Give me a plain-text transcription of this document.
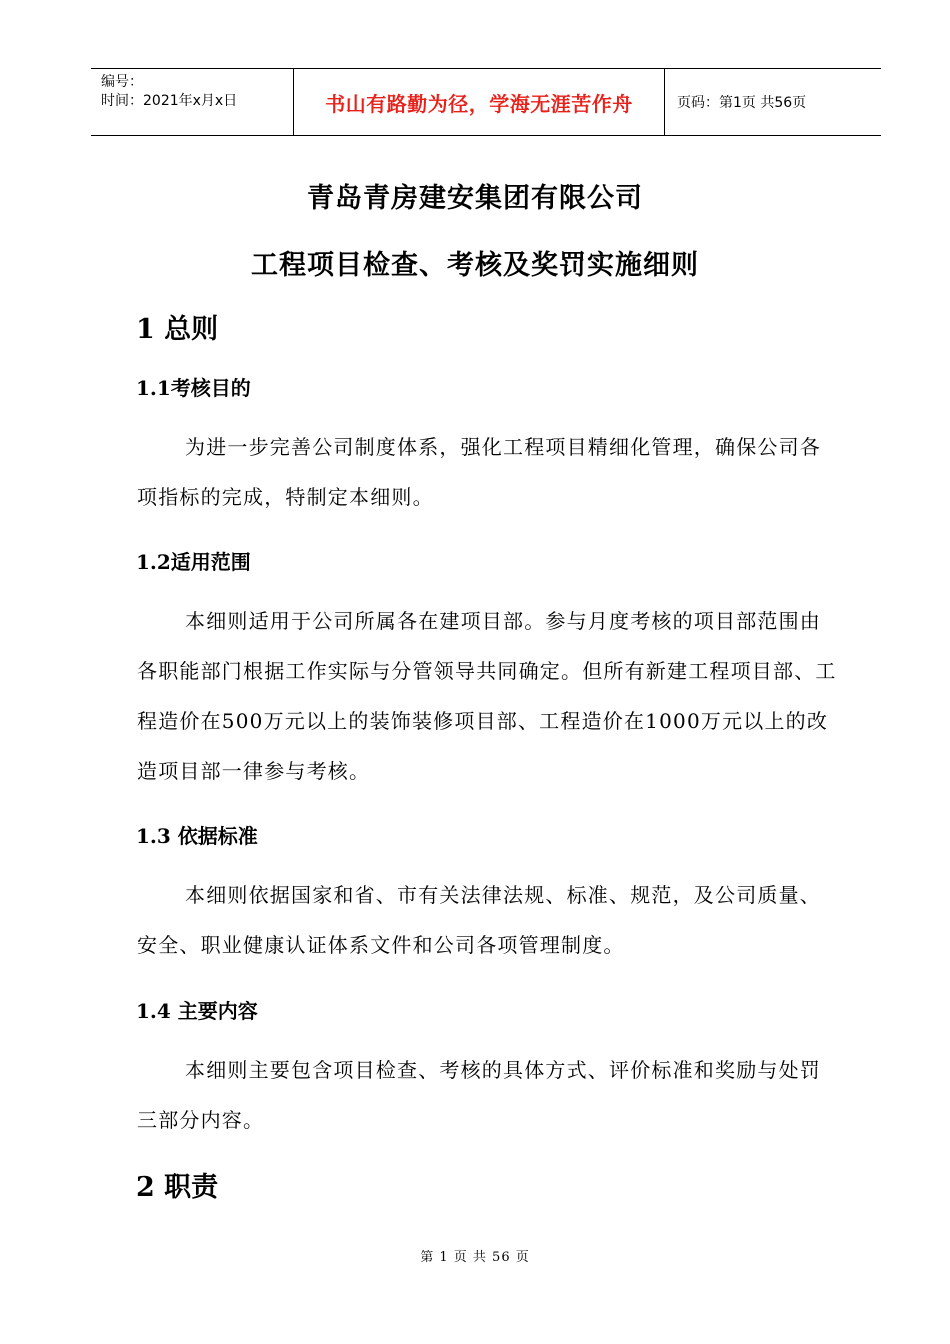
编号：
时间：2021年x月x日	书山有路勤为径，学海无涯苦作舟	页码：第1页 共56页
青岛青房建安集团有限公司
工程项目检查、考核及奖罚实施细则
1 总则
1.1考核目的
为进一步完善公司制度体系，强化工程项目精细化管理，确保公司各项指标的完成，特制定本细则。
1.2适用范围
本细则适用于公司所属各在建项目部。参与月度考核的项目部范围由各职能部门根据工作实际与分管领导共同确定。但所有新建工程项目部、工程造价在500万元以上的装饰装修项目部、工程造价在1000万元以上的改造项目部一律参与考核。
1.3 依据标准
本细则依据国家和省、市有关法律法规、标准、规范，及公司质量、安全、职业健康认证体系文件和公司各项管理制度。
1.4 主要内容
本细则主要包含项目检查、考核的具体方式、评价标准和奖励与处罚三部分内容。
2 职责
第 1 页 共 56 页
